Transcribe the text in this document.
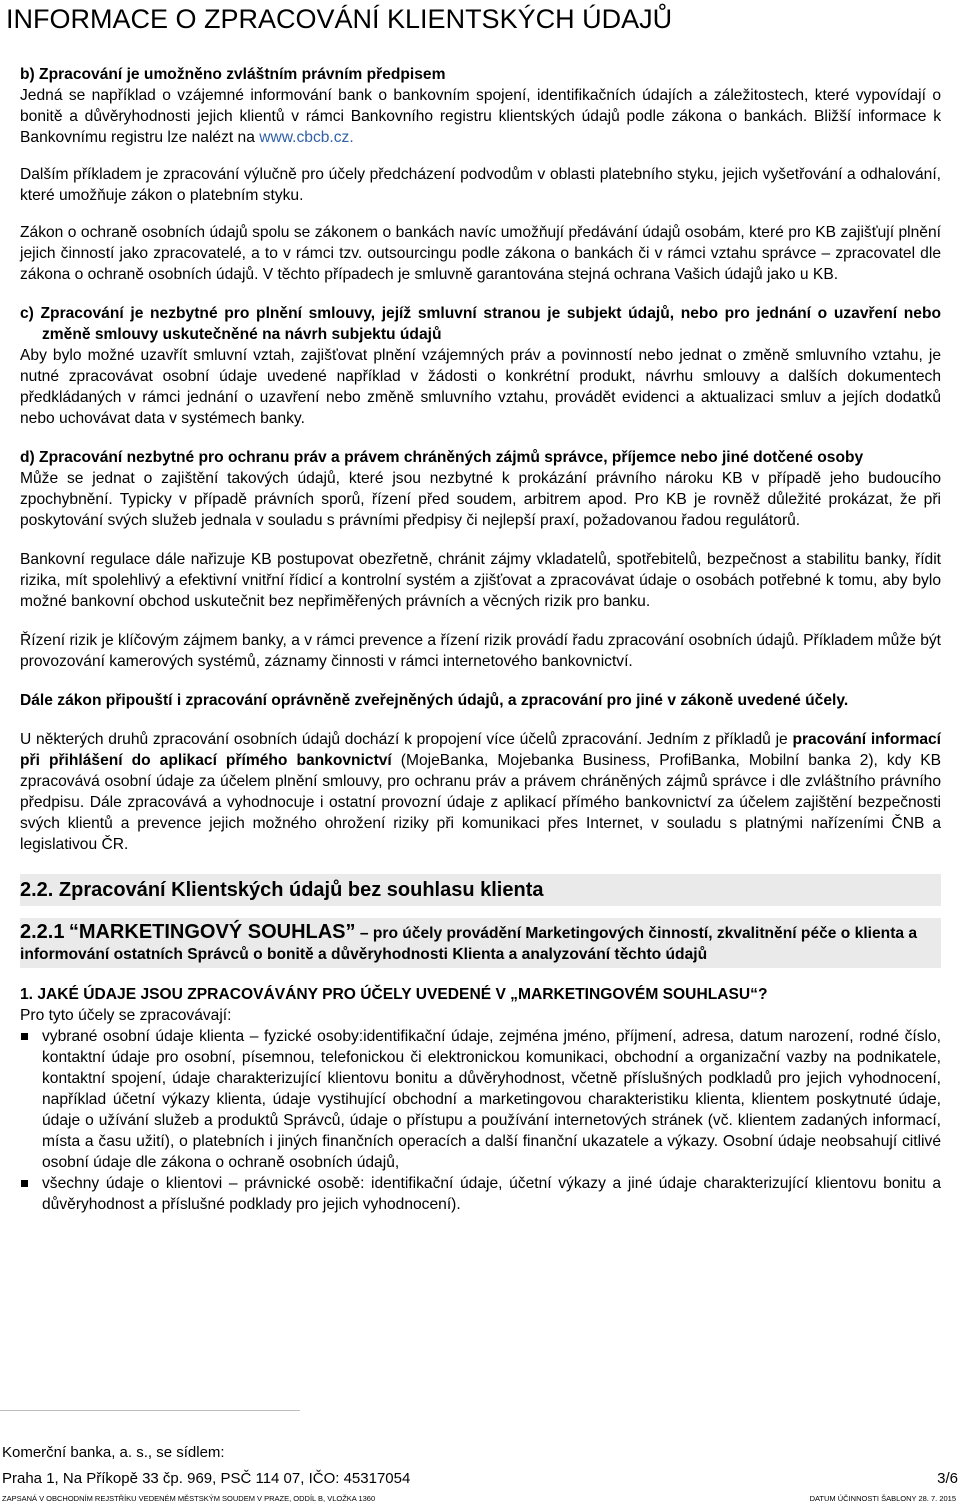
INFORMACE O ZPRACOVÁNÍ KLIENTSKÝCH ÚDAJŮ

b) Zpracování je umožněno zvláštním právním předpisem

Jedná se například o vzájemné informování bank o bankovním spojení, identifikačních údajích a záležitostech, které vypovídají o bonitě a důvěryhodnosti jejich klientů v rámci Bankovního registru klientských údajů podle zákona o bankách. Bližší informace k Bankovnímu registru lze nalézt na www.cbcb.cz.

Dalším příkladem je zpracování výlučně pro účely předcházení podvodům v oblasti platebního styku, jejich vyšetřování a odhalování, které umožňuje zákon o platebním styku.

Zákon o ochraně osobních údajů spolu se zákonem o bankách navíc umožňují předávání údajů osobám, které pro KB zajišťují plnění jejich činností jako zpracovatelé, a to v rámci tzv. outsourcingu podle zákona o bankách či v rámci vztahu správce – zpracovatel dle zákona o ochraně osobních údajů. V těchto případech je smluvně garantována stejná ochrana Vašich údajů jako u KB.

c) Zpracování je nezbytné pro plnění smlouvy, jejíž smluvní stranou je subjekt údajů, nebo pro jednání o uzavření nebo změně smlouvy uskutečněné na návrh subjektu údajů

Aby bylo možné uzavřít smluvní vztah, zajišťovat plnění vzájemných práv a povinností nebo jednat o změně smluvního vztahu, je nutné zpracovávat osobní údaje uvedené například v žádosti o konkrétní produkt, návrhu smlouvy a dalších dokumentech předkládaných v rámci jednání o uzavření nebo změně smluvního vztahu, provádět evidenci a aktualizaci smluv a jejích dodatků nebo uchovávat data v systémech banky.

d) Zpracování nezbytné pro ochranu práv a právem chráněných zájmů správce, příjemce nebo jiné dotčené osoby

Může se jednat o zajištění takových údajů, které jsou nezbytné k prokázání právního nároku KB v případě jeho budoucího zpochybnění. Typicky v případě právních sporů, řízení před soudem, arbitrem apod. Pro KB je rovněž důležité prokázat, že při poskytování svých služeb jednala v souladu s právními předpisy či nejlepší praxí, požadovanou řadou regulátorů.

Bankovní regulace dále nařizuje KB postupovat obezřetně, chránit zájmy vkladatelů, spotřebitelů, bezpečnost a stabilitu banky, řídit rizika, mít spolehlivý a efektivní vnitřní řídicí a kontrolní systém a zjišťovat a zpracovávat údaje o osobách potřebné k tomu, aby bylo možné bankovní obchod uskutečnit bez nepřiměřených právních a věcných rizik pro banku.

Řízení rizik je klíčovým zájmem banky, a v rámci prevence a řízení rizik provádí řadu zpracování osobních údajů. Příkladem může být provozování kamerových systémů, záznamy činnosti v rámci internetového bankovnictví.

Dále zákon připouští i zpracování oprávněně zveřejněných údajů, a zpracování pro jiné v zákoně uvedené účely.

U některých druhů zpracování osobních údajů dochází k propojení více účelů zpracování. Jedním z příkladů je pracování informací při přihlášení do aplikací přímého bankovnictví (MojeBanka, Mojebanka Business, ProfiBanka, Mobilní banka 2), kdy KB zpracovává osobní údaje za účelem plnění smlouvy, pro ochranu práv a právem chráněných zájmů správce i dle zvláštního právního předpisu. Dále zpracovává a vyhodnocuje i ostatní provozní údaje z aplikací přímého bankovnictví za účelem zajištění bezpečnosti svých klientů a prevence jejich možného ohrožení riziky při komunikaci přes Internet, v souladu s platnými nařízeními ČNB a legislativou ČR.

2.2. Zpracování Klientských údajů bez souhlasu klienta
2.2.1 “MARKETINGOVÝ SOUHLAS” – pro účely provádění Marketingových činností, zkvalitnění péče o klienta a informování ostatních Správců o bonitě a důvěryhodnosti Klienta a analyzování těchto údajů

1. JAKÉ ÚDAJE JSOU ZPRACOVÁVÁNY PRO ÚČELY UVEDENÉ V „MARKETINGOVÉM SOUHLASU“?

Pro tyto účely se zpracovávají:

vybrané osobní údaje klienta – fyzické osoby:identifikační údaje, zejména jméno, příjmení, adresa, datum narození, rodné číslo, kontaktní údaje pro osobní, písemnou, telefonickou či elektronickou komunikaci, obchodní a organizační vazby na podnikatele, kontaktní spojení, údaje charakterizující klientovu bonitu a důvěryhodnost, včetně příslušných podkladů pro jejich vyhodnocení, například účetní výkazy klienta, údaje vystihující obchodní a marketingovou charakteristiku klienta, klientem poskytnuté údaje, údaje o užívání služeb a produktů Správců, údaje o přístupu a používání internetových stránek (vč. klientem zadaných informací, místa a času užití), o platebních i jiných finančních operacích a další finanční ukazatele a výkazy. Osobní údaje neobsahují citlivé osobní údaje dle zákona o ochraně osobních údajů,
všechny údaje o klientovi – právnické osobě: identifikační údaje, účetní výkazy a jiné údaje charakterizující klientovu bonitu a důvěryhodnost a příslušné podklady pro jejich vyhodnocení).
Komerční banka, a. s., se sídlem:
Praha 1, Na Příkopě 33 čp. 969, PSČ 114 07, IČO: 45317054	3/6
ZAPSANÁ V OBCHODNÍM REJSTŘÍKU VEDENÉM MĚSTSKÝM SOUDEM V PRAZE, ODDÍL B, VLOŽKA 1360	DATUM ÚČINNOSTI ŠABLONY 28. 7. 2015
